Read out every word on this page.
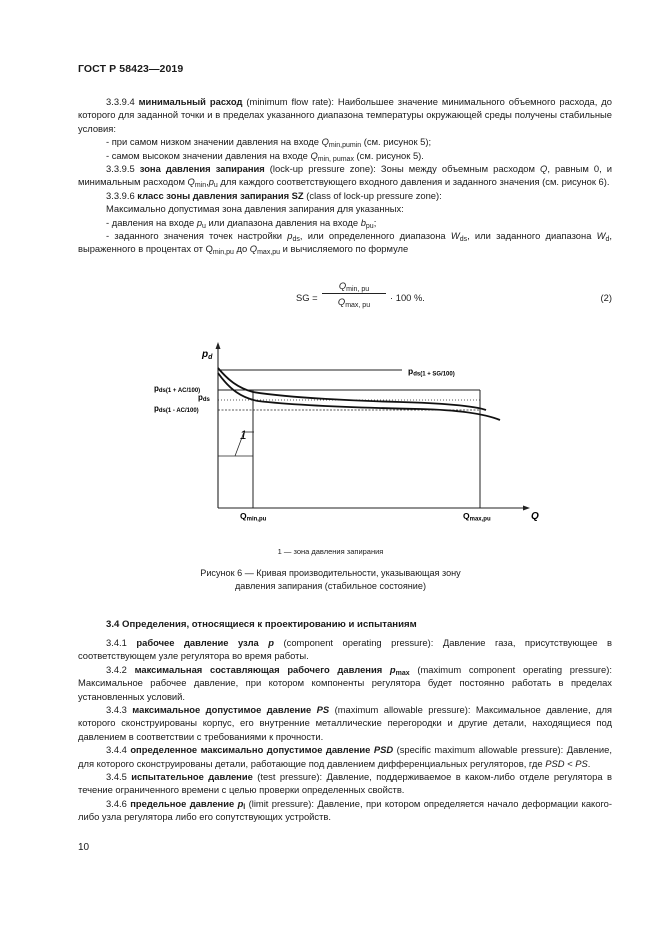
ГОСТ Р 58423—2019

3.3.9.4 минимальный расход (minimum flow rate): Наибольшее значение минимального объемного расхода, до которого для заданной точки и в пределах указанного диапазона температуры окружающей среды получены стабильные условия:

- при самом низком значении давления на входе $Q_{min,pumin}$ (см. рисунок 5);

- самом высоком значении давления на входе $Q_{min, pumax}$ (см. рисунок 5).

3.3.9.5 зона давления запирания (lock-up pressure zone): Зоны между объемным расходом Q, равным 0, и минимальным расходом $Q_{min},p_u$ для каждого соответствующего входного давления и заданного значения (см. рисунок 6).

3.3.9.6 класс зоны давления запирания SZ (class of lock-up pressure zone):

Максимально допустимая зона давления запирания для указанных:

- давления на входе $p_u$ или диапазона давления на входе $b_{pu}$;

- заданного значения точек настройки $p_{ds}$, или определенного диапазона $W_{ds}$, или заданного диапазона $W_d$, выраженного в процентах от $Q_{min,pu}$ до $Q_{max,pu}$ и вычисляемого по формуле

SG =
$Q_{min, pu}$
$Q_{max, pu}$
· 100 %.	(2)
1
$p_d$
Q
pds(1 + SG/100)
pds(1 + AC/100)
pds
pds(1 - AC/100)
Qmin,pu	Qmax,pu
1 — зона давления запирания
Рисунок 6 — Кривая производительности, указывающая зону давления запирания (стабильное состояние)
3.4 Определения, относящиеся к проектированию и испытаниям

3.4.1 рабочее давление узла p (component operating pressure): Давление газа, присутствующее в соответствующем узле регулятора во время работы.

3.4.2 максимальная составляющая рабочего давления $p_{max}$ (maximum component operating pressure): Максимальное рабочее давление, при котором компоненты регулятора будет постоянно работать в пределах установленных условий.

3.4.3 максимальное допустимое давление PS (maximum allowable pressure): Максимальное давление, для которого сконструированы корпус, его внутренние металлические перегородки и другие детали, находящиеся под давлением в соответствии с требованиями к прочности.

3.4.4 определенное максимально допустимое давление PSD (specific maximum allowable pressure): Давление, для которого сконструированы детали, работающие под давлением дифференциальных регуляторов, где PSD < PS.

3.4.5 испытательное давление (test pressure): Давление, поддерживаемое в каком-либо отделе регулятора в течение ограниченного времени с целью проверки определенных свойств.

3.4.6 предельное давление $p_l$ (limit pressure): Давление, при котором определяется начало деформации какого-либо узла регулятора либо его сопутствующих устройств.

10
